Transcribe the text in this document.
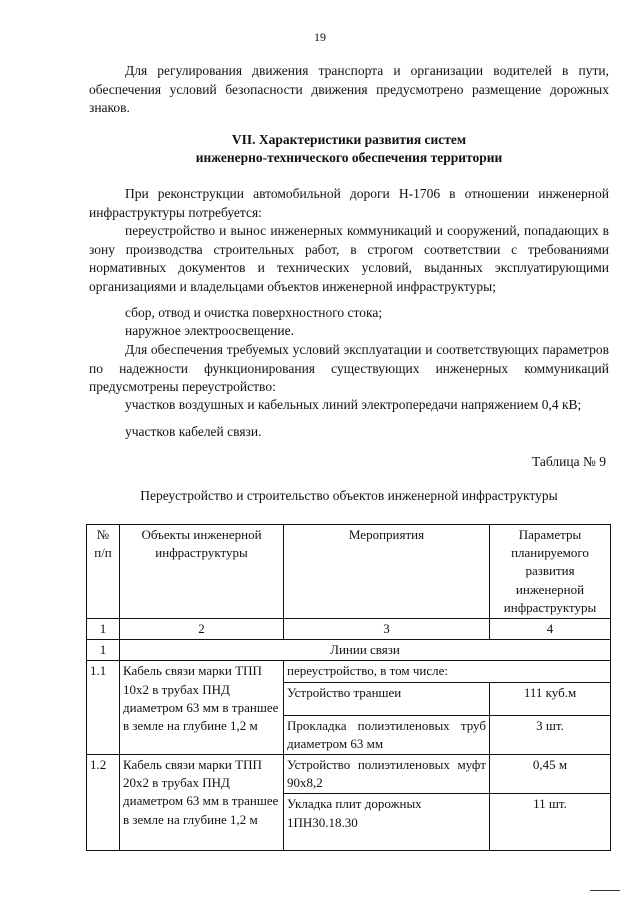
19

Для регулирования движения транспорта и организации водителей в пути, обеспечения условий безопасности движения предусмотрено размещение дорожных знаков.

VII. Характеристики развития систем

инженерно-технического обеспечения территории

При реконструкции автомобильной дороги Н-1706 в отношении инженерной инфраструктуры потребуется:

переустройство и вынос инженерных коммуникаций и сооружений, попадающих в зону производства строительных работ, в строгом соответствии с требованиями нормативных документов и технических условий, выданных эксплуатирующими организациями и владельцами объектов инженерной инфраструктуры;

сбор, отвод и очистка поверхностного стока;

наружное электроосвещение.

Для обеспечения требуемых условий эксплуатации и соответствующих параметров по надежности функционирования существующих инженерных коммуникаций предусмотрены переустройство:

участков воздушных и кабельных линий электропередачи напряжением 0,4 кВ;

участков кабелей связи.

Таблица № 9
Переустройство и строительство объектов инженерной инфраструктуры
№ п/п	Объекты инженерной инфраструктуры	Мероприятия	Параметры планируемого развития инженерной инфраструктуры
1	2	3	4
1	Линии связи		
1.1	Кабель связи марки ТПП 10х2 в трубах ПНД диаметром 63 мм в траншее в земле на глубине 1,2 м	переустройство, в том числе:	
		Устройство траншеи	111 куб.м
		Прокладка полиэтиленовых труб диаметром 63 мм	3 шт.
1.2	Кабель связи марки ТПП 20х2 в трубах ПНД диаметром 63 мм в траншее в земле на глубине 1,2 м	Устройство полиэтиленовых муфт 90х8,2	0,45 м
		Укладка плит дорожных 1ПН30.18.30	11 шт.
